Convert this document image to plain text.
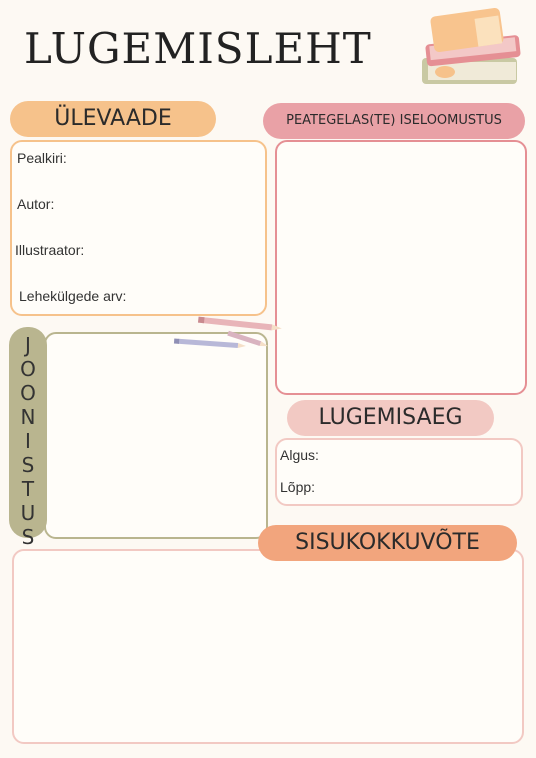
LUGEMISLEHT
ÜLEVAADE
Pealkiri:
Autor:
Illustraator:
Lehekülgede arv:
PEATEGELAS(TE) ISELOOMUSTUS
J
O
O
N
I
S
T
U
S
LUGEMISAEG
Algus:
Lõpp:
SISUKOKKUVÕTE
